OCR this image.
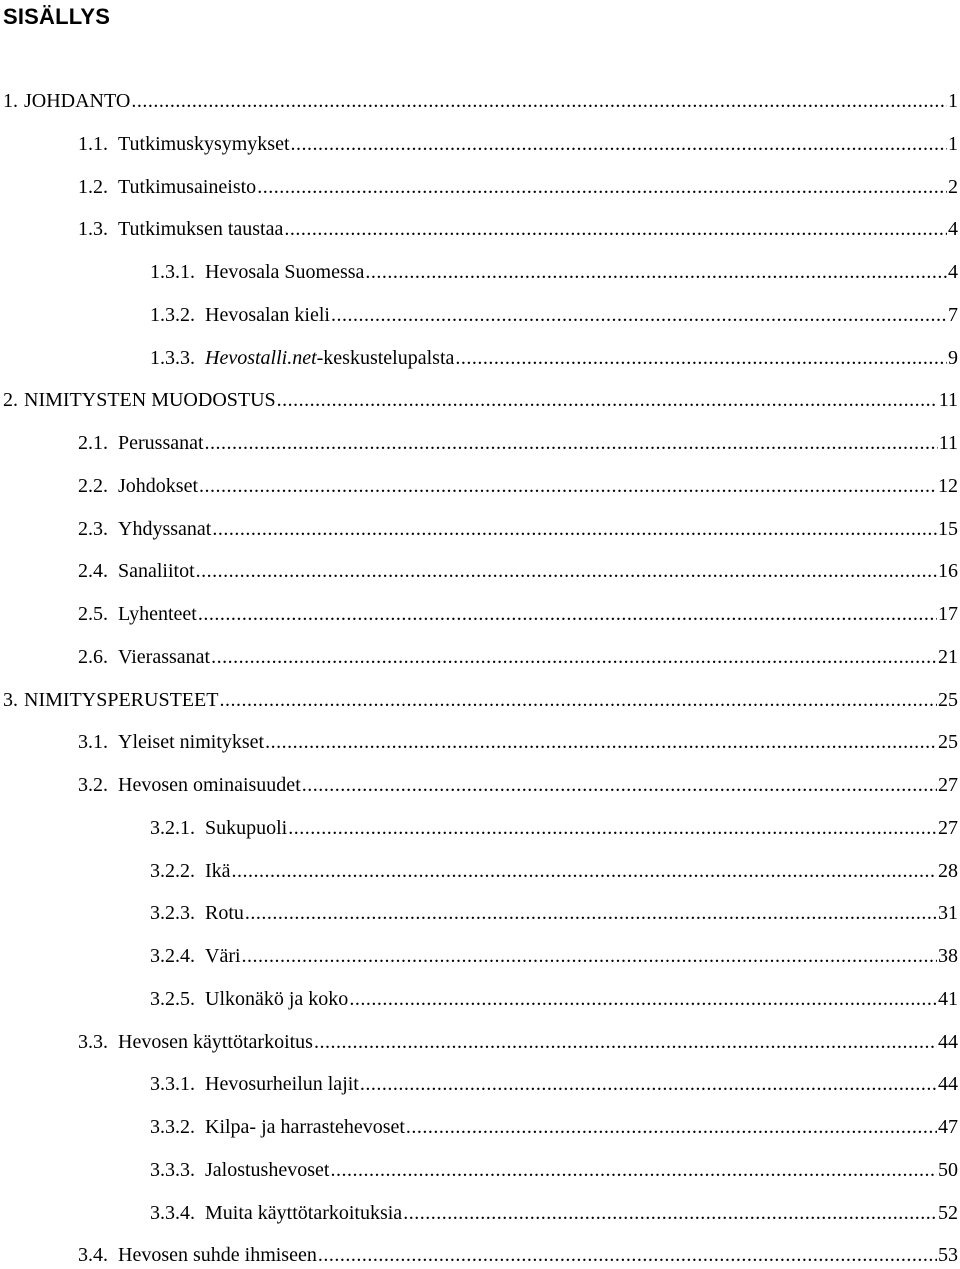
SISÄLLYS
1. JOHDANTO .....	1
1.1. Tutkimuskysymykset .....	1
1.2. Tutkimusaineisto .....	2
1.3. Tutkimuksen taustaa .....	4
1.3.1. Hevosala Suomessa .....	4
1.3.2. Hevosalan kieli .....	7
1.3.3. Hevostalli.net-keskustelupalsta .....	9
2. NIMITYSTEN MUODOSTUS .....	11
2.1. Perussanat .....	11
2.2. Johdokset .....	12
2.3. Yhdyssanat .....	15
2.4. Sanaliitot .....	16
2.5. Lyhenteet .....	17
2.6. Vierassanat .....	21
3. NIMITYSPERUSTEET .....	25
3.1. Yleiset nimitykset .....	25
3.2. Hevosen ominaisuudet .....	27
3.2.1. Sukupuoli .....	27
3.2.2. Ikä .....	28
3.2.3. Rotu .....	31
3.2.4. Väri .....	38
3.2.5. Ulkonäkö ja koko .....	41
3.3. Hevosen käyttötarkoitus .....	44
3.3.1. Hevosurheilun lajit .....	44
3.3.2. Kilpa- ja harrastehevoset .....	47
3.3.3. Jalostushevoset .....	50
3.3.4. Muita käyttötarkoituksia .....	52
3.4. Hevosen suhde ihmiseen .....	53
